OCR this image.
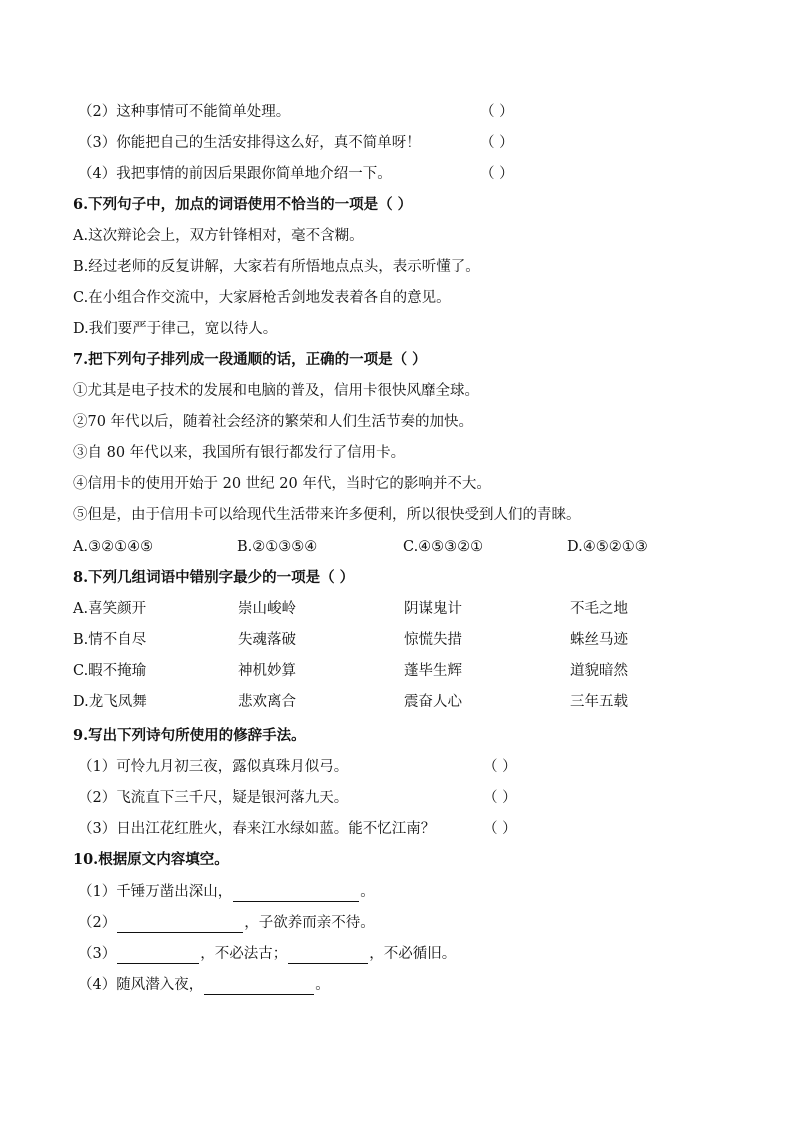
（2）这种事情可不能简单处理。	（ ）
（3）你能把自己的生活安排得这么好，真不简单呀！	（ ）
（4）我把事情的前因后果跟你简单地介绍一下。	（ ）
6.下列句子中，加点的词语使用不恰当的一项是（ ）
A.这次辩论会上，双方针锋相对，毫不含糊。
B.经过老师的反复讲解，大家若有所悟地点点头，表示听懂了。
C.在小组合作交流中，大家唇枪舌剑地发表着各自的意见。
D.我们要严于律己，宽以待人。
7.把下列句子排列成一段通顺的话，正确的一项是（ ）
①尤其是电子技术的发展和电脑的普及，信用卡很快风靡全球。
②70 年代以后，随着社会经济的繁荣和人们生活节奏的加快。
③自 80 年代以来，我国所有银行都发行了信用卡。
④信用卡的使用开始于 20 世纪 20 年代，当时它的影响并不大。
⑤但是，由于信用卡可以给现代生活带来许多便利，所以很快受到人们的青睐。
A.③②①④⑤	B.②①③⑤④	C.④⑤③②①	D.④⑤②①③
8.下列几组词语中错别字最少的一项是（ ）
A.喜笑颜开	崇山峻岭	阴谋鬼计	不毛之地
B.情不自尽	失魂落破	惊慌失措	蛛丝马迹
C.暇不掩瑜	神机妙算	蓬毕生辉	道貌暗然
D.龙飞凤舞	悲欢离合	震奋人心	三年五载
9.写出下列诗句所使用的修辞手法。
（1）可怜九月初三夜，露似真珠月似弓。	（ ）
（2）飞流直下三千尺，疑是银河落九天。	（ ）
（3）日出江花红胜火，春来江水绿如蓝。能不忆江南？	（ ）
10.根据原文内容填空。
（1）千锤万凿出深山，	。
（2）	，子欲养而亲不待。
（3）	，不必法古；	，不必循旧。
（4）随风潜入夜，	。
